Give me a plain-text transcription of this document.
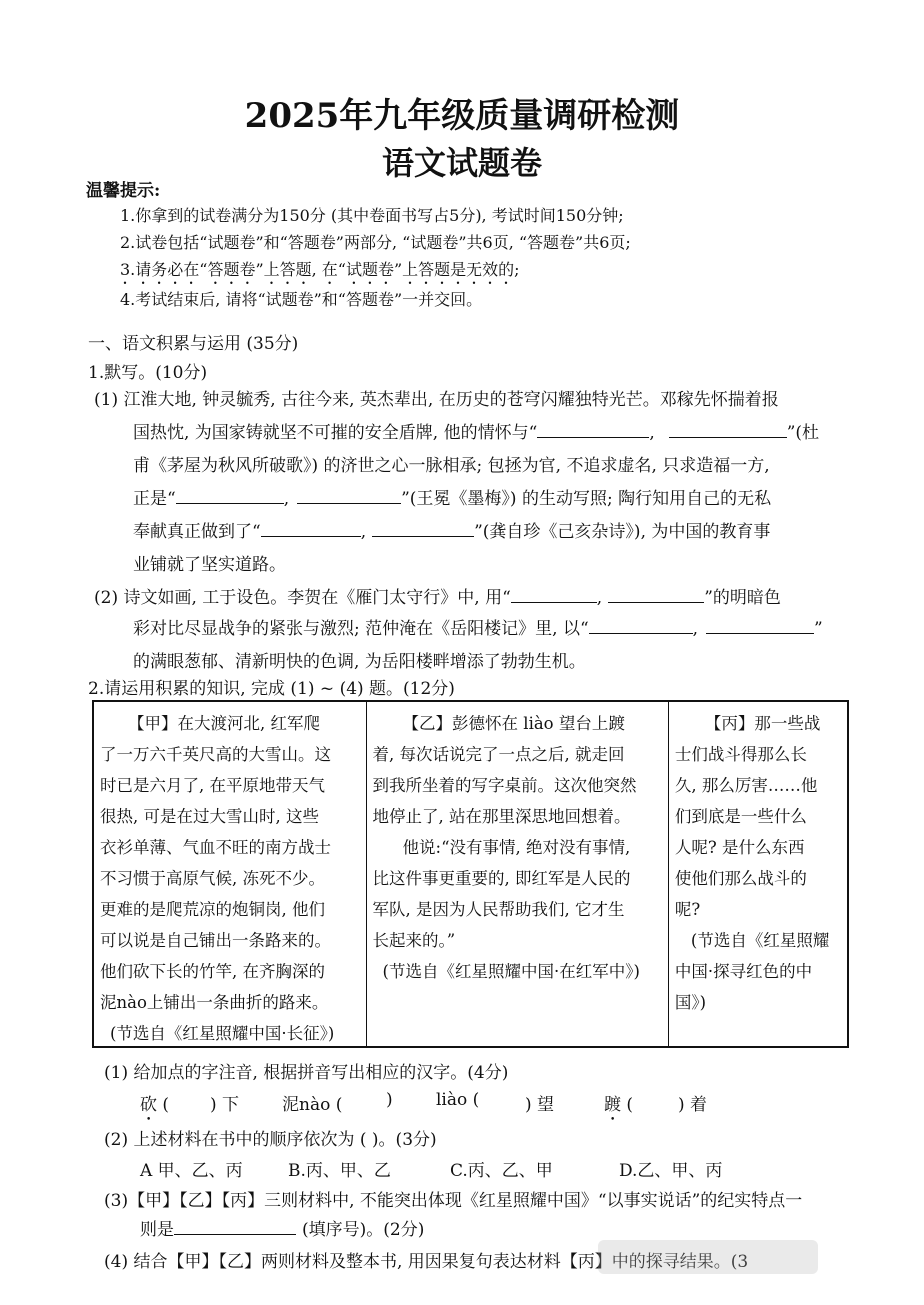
2025年九年级质量调研检测
语文试题卷
温馨提示:
1.你拿到的试卷满分为150分 (其中卷面书写占5分), 考试时间150分钟;
2.试卷包括“试题卷”和“答题卷”两部分, “试题卷”共6页, “答题卷”共6页;
3.请务必在“答题卷”上答题, 在“试题卷”上答题是无效的;
4.考试结束后, 请将“试题卷”和“答题卷”一并交回。
一、语文积累与运用 (35分)
1.默写。(10分)
(1) 江淮大地, 钟灵毓秀, 古往今来, 英杰辈出, 在历史的苍穹闪耀独特光芒。邓稼先怀揣着报
国热忱, 为国家铸就坚不可摧的安全盾牌, 他的情怀与“	,	”(杜
甫《茅屋为秋风所破歌》) 的济世之心一脉相承; 包拯为官, 不追求虚名, 只求造福一方,
正是“	,	”(王冕《墨梅》) 的生动写照; 陶行知用自己的无私
奉献真正做到了“	,	”(龚自珍《己亥杂诗》), 为中国的教育事
业铺就了坚实道路。
(2) 诗文如画, 工于设色。李贺在《雁门太守行》中, 用“	,	”的明暗色
彩对比尽显战争的紧张与激烈; 范仲淹在《岳阳楼记》里, 以“	,	”
的满眼葱郁、清新明快的色调, 为岳阳楼畔增添了勃勃生机。
2.请运用积累的知识, 完成 (1) ~ (4) 题。(12分)
【甲】在大渡河北, 红军爬
了一万六千英尺高的大雪山。这
时已是六月了, 在平原地带天气
很热, 可是在过大雪山时, 这些
衣衫单薄、气血不旺的南方战士
不习惯于高原气候, 冻死不少。
更难的是爬荒凉的炮铜岗, 他们
可以说是自己铺出一条路来的。
他们砍下长的竹竿, 在齐胸深的
泥nào上铺出一条曲折的路来。
(节选自《红星照耀中国·长征》)
【乙】彭德怀在 liào 望台上踱
着, 每次话说完了一点之后, 就走回
到我所坐着的写字桌前。这次他突然
地停止了, 站在那里深思地回想着。
他说:“没有事情, 绝对没有事情,
比这件事更重要的, 即红军是人民的
军队, 是因为人民帮助我们, 它才生
长起来的。”
(节选自《红星照耀中国·在红军中》)
【丙】那一些战
士们战斗得那么长
久, 那么厉害……他
们到底是一些什么
人呢? 是什么东西
使他们那么战斗的
呢?
(节选自《红星照耀
中国·探寻红色的中
国》)
(1) 给加点的字注音, 根据拼音写出相应的汉字。(4分)
砍 ( ) 下	泥nào (	)	liào (	) 望	踱 (	) 着
(2) 上述材料在书中的顺序依次为 ( )。(3分)
A 甲、乙、丙	B.丙、甲、乙	C.丙、乙、甲	D.乙、甲、丙
(3)【甲】【乙】【丙】三则材料中, 不能突出体现《红星照耀中国》“以事实说话”的纪实特点一
则是	(填序号)。(2分)
(4) 结合【甲】【乙】两则材料及整本书, 用因果复句表达材料【丙】中的探寻结果。(3
